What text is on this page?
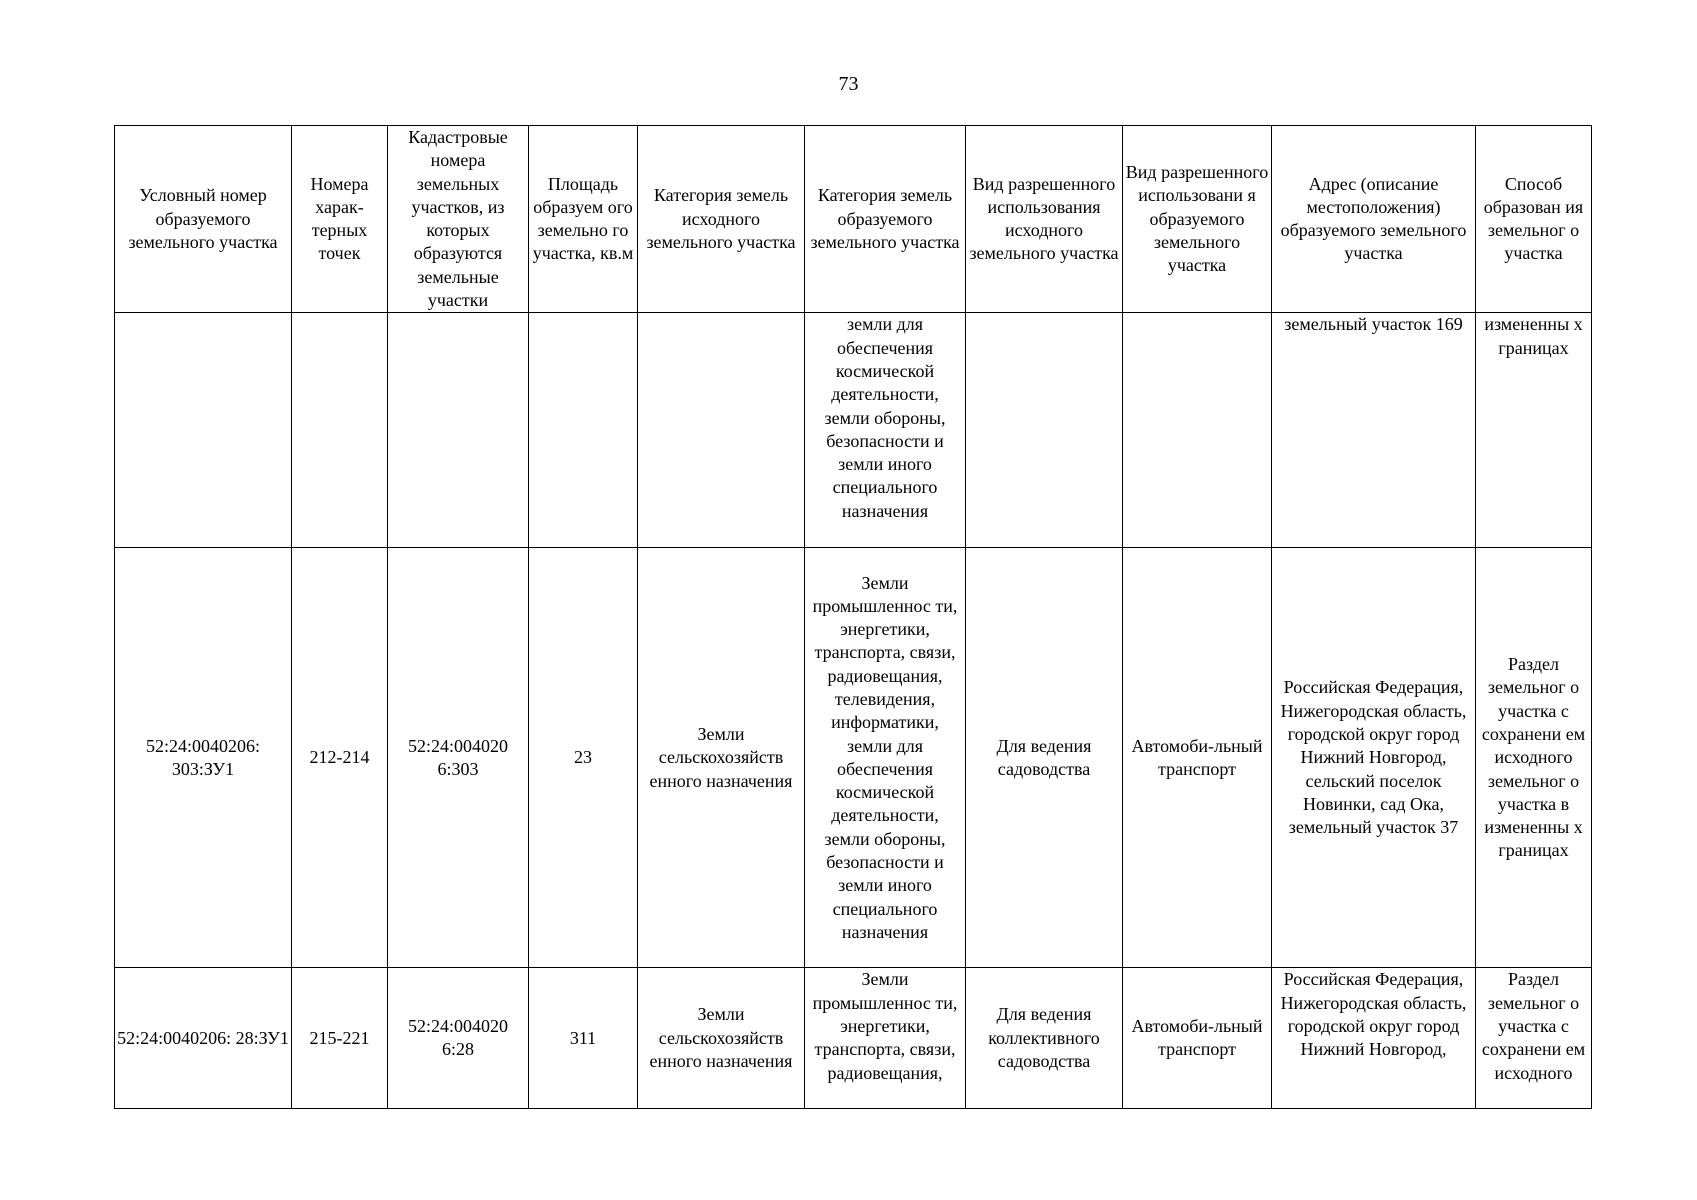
73
Условный номер образуемого земельного участка	Номера харак-терных точек	Кадастровые номера земельных участков, из которых образуются земельные участки	Площадь образуем ого земельно го участка, кв.м	Категория земель исходного земельного участка	Категория земель образуемого земельного участка	Вид разрешенного использования исходного земельного участка	Вид разрешенного использовани я образуемого земельного участка	Адрес (описание местоположения) образуемого земельного участка	Способ образован ия земельног о участка
					земли для обеспечения космической деятельности, земли обороны, безопасности и земли иного специального назначения			земельный участок 169	измененны х границах
52:24:0040206: 303:ЗУ1	212-214	52:24:004020 6:303	23	Земли сельскохозяйств енного назначения	Земли промышленнос ти, энергетики, транспорта, связи, радиовещания, телевидения, информатики, земли для обеспечения космической деятельности, земли обороны, безопасности и земли иного специального назначения	Для ведения садоводства	Автомоби-льный транспорт	Российская Федерация, Нижегородская область, городской округ город Нижний Новгород, сельский поселок Новинки, сад Ока, земельный участок 37	Раздел земельног о участка с сохранени ем исходного земельног о участка в измененны х границах
52:24:0040206: 28:ЗУ1	215-221	52:24:004020 6:28	311	Земли сельскохозяйств енного назначения	Земли промышленнос ти, энергетики, транспорта, связи, радиовещания,	Для ведения коллективного садоводства	Автомоби-льный транспорт	Российская Федерация, Нижегородская область, городской округ город Нижний Новгород,	Раздел земельног о участка с сохранени ем исходного
